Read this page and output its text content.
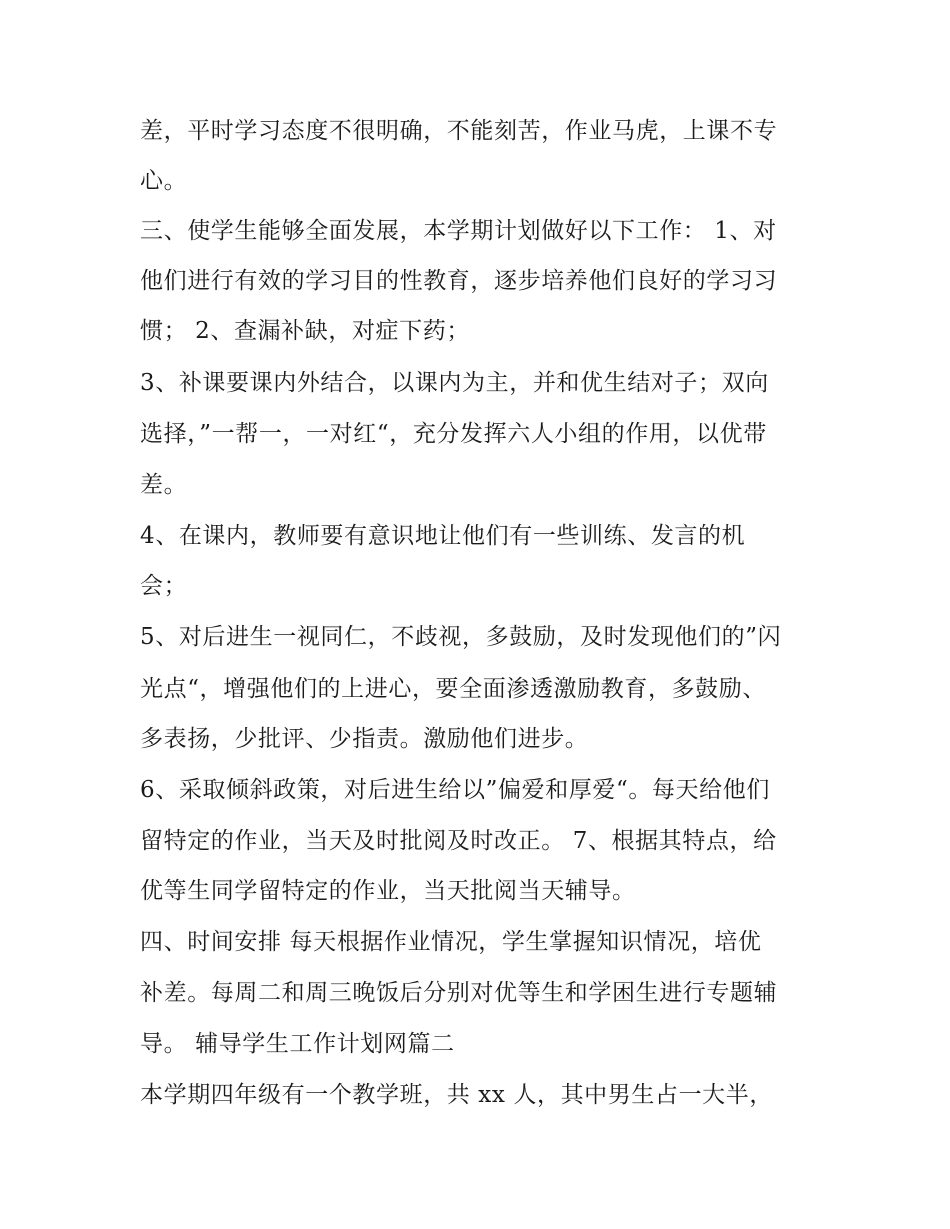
差，平时学习态度不很明确，不能刻苦，作业马虎，上课不专
心。
三、使学生能够全面发展，本学期计划做好以下工作： 1、对
他们进行有效的学习目的性教育，逐步培养他们良好的学习习
惯； 2、查漏补缺，对症下药；
3、补课要课内外结合，以课内为主，并和优生结对子；双向
选择，”一帮一，一对红“，充分发挥六人小组的作用，以优带
差。
4、在课内，教师要有意识地让他们有一些训练、发言的机
会；
5、对后进生一视同仁，不歧视，多鼓励，及时发现他们的”闪
光点“，增强他们的上进心，要全面渗透激励教育，多鼓励、
多表扬，少批评、少指责。激励他们进步。
6、采取倾斜政策，对后进生给以”偏爱和厚爱“。每天给他们
留特定的作业，当天及时批阅及时改正。 7、根据其特点，给
优等生同学留特定的作业，当天批阅当天辅导。
四、时间安排 每天根据作业情况，学生掌握知识情况，培优
补差。每周二和周三晚饭后分别对优等生和学困生进行专题辅
导。 辅导学生工作计划网篇二
本学期四年级有一个教学班，共 xx 人，其中男生占一大半，
